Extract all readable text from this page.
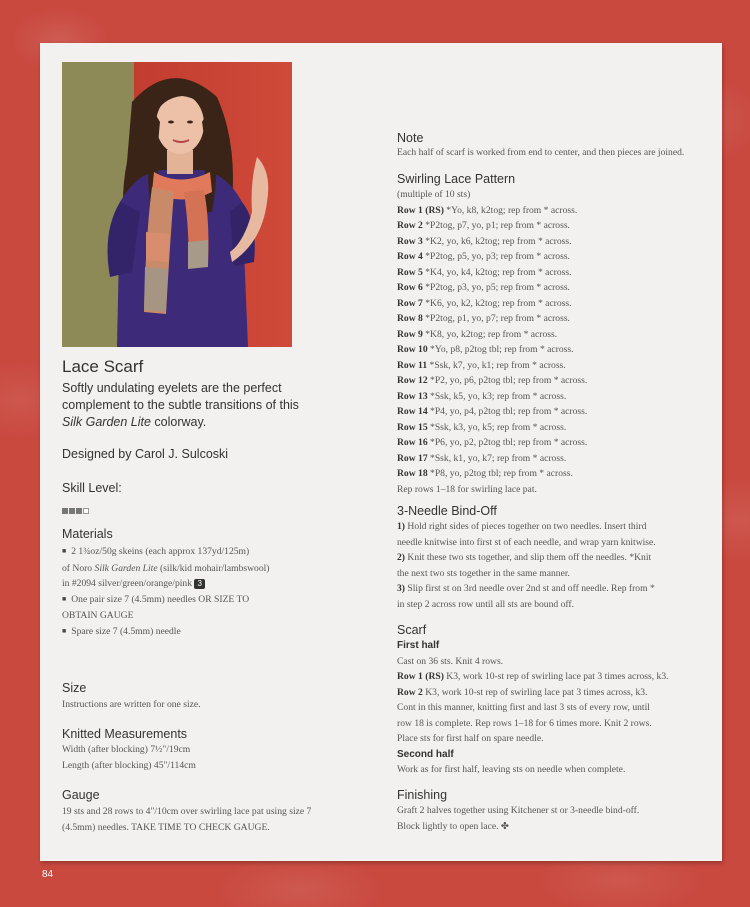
Lace Scarf

Softly undulating eyelets are the perfect

complement to the subtle transitions of this

Silk Garden Lite colorway.

Designed by Carol J. Sulcoski

Skill Level:

Materials

■ 2 1¾oz/50g skeins (each approx 137yd/125m)

of Noro Silk Garden Lite (silk/kid mohair/lambswool)

in #2094 silver/green/orange/pink 3

■ One pair size 7 (4.5mm) needles OR SIZE TO

OBTAIN GAUGE

■ Spare size 7 (4.5mm) needle

Size

Instructions are written for one size.

Knitted Measurements

Width (after blocking) 7½"/19cm

Length (after blocking) 45"/114cm

Gauge

19 sts and 28 rows to 4"/10cm over swirling lace pat using size 7

(4.5mm) needles. TAKE TIME TO CHECK GAUGE.

Note

Each half of scarf is worked from end to center, and then pieces are joined.

Swirling Lace Pattern

(multiple of 10 sts)

Row 1 (RS) *Yo, k8, k2tog; rep from * across.

Row 2 *P2tog, p7, yo, p1; rep from * across.

Row 3 *K2, yo, k6, k2tog; rep from * across.

Row 4 *P2tog, p5, yo, p3; rep from * across.

Row 5 *K4, yo, k4, k2tog; rep from * across.

Row 6 *P2tog, p3, yo, p5; rep from * across.

Row 7 *K6, yo, k2, k2tog; rep from * across.

Row 8 *P2tog, p1, yo, p7; rep from * across.

Row 9 *K8, yo, k2tog; rep from * across.

Row 10 *Yo, p8, p2tog tbl; rep from * across.

Row 11 *Ssk, k7, yo, k1; rep from * across.

Row 12 *P2, yo, p6, p2tog tbl; rep from * across.

Row 13 *Ssk, k5, yo, k3; rep from * across.

Row 14 *P4, yo, p4, p2tog tbl; rep from * across.

Row 15 *Ssk, k3, yo, k5; rep from * across.

Row 16 *P6, yo, p2, p2tog tbl; rep from * across.

Row 17 *Ssk, k1, yo, k7; rep from * across.

Row 18 *P8, yo, p2tog tbl; rep from * across.

Rep rows 1–18 for swirling lace pat.

3-Needle Bind-Off

1) Hold right sides of pieces together on two needles. Insert third

needle knitwise into first st of each needle, and wrap yarn knitwise.

2) Knit these two sts together, and slip them off the needles. *Knit

the next two sts together in the same manner.

3) Slip first st on 3rd needle over 2nd st and off needle. Rep from *

in step 2 across row until all sts are bound off.

Scarf

First half

Cast on 36 sts. Knit 4 rows.

Row 1 (RS) K3, work 10-st rep of swirling lace pat 3 times across, k3.

Row 2 K3, work 10-st rep of swirling lace pat 3 times across, k3.

Cont in this manner, knitting first and last 3 sts of every row, until

row 18 is complete. Rep rows 1–18 for 6 times more. Knit 2 rows.

Place sts for first half on spare needle.

Second half

Work as for first half, leaving sts on needle when complete.

Finishing

Graft 2 halves together using Kitchener st or 3-needle bind-off.

Block lightly to open lace. ✤

84
